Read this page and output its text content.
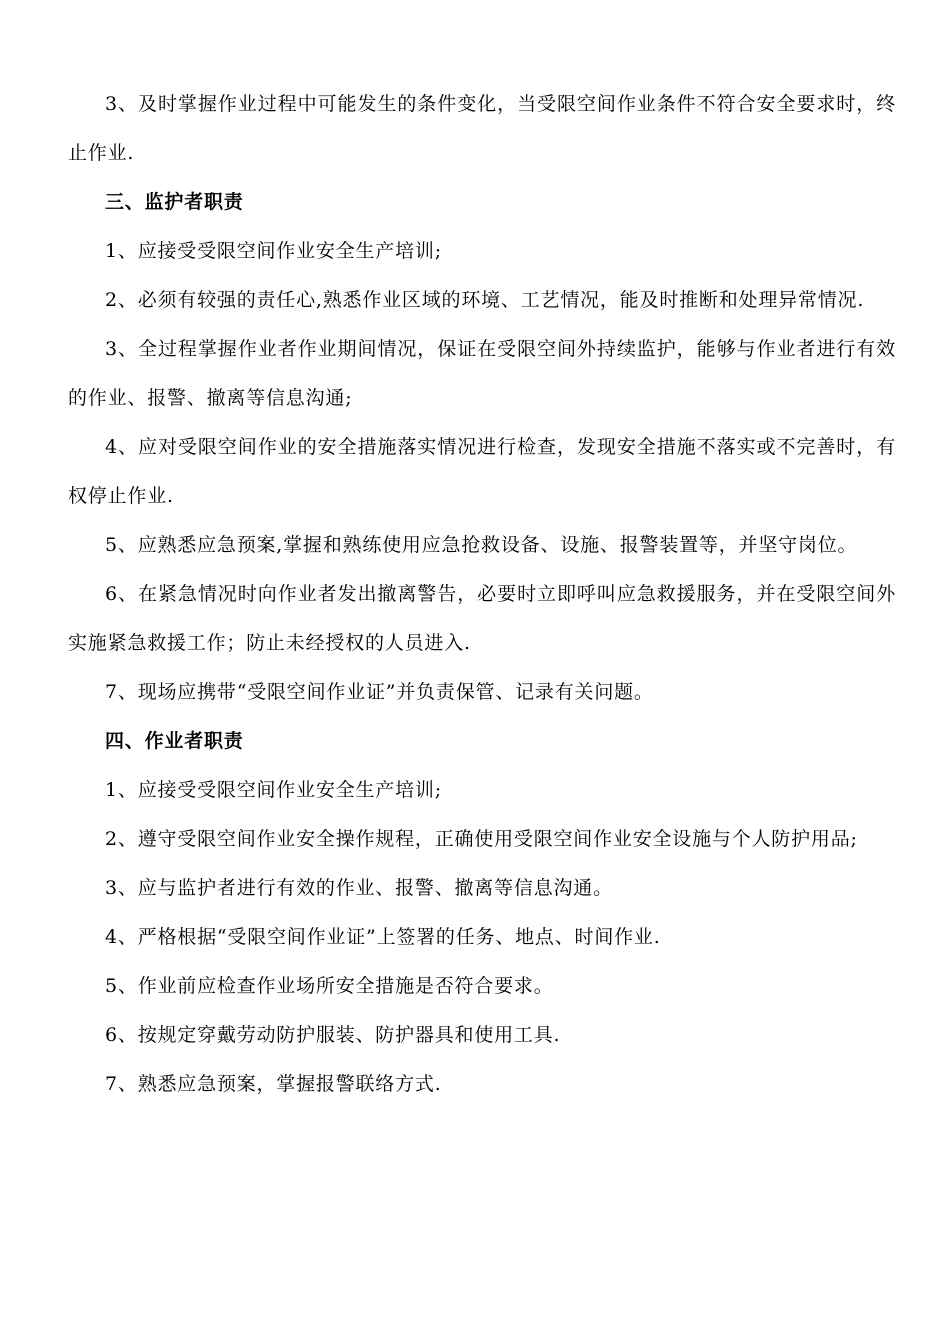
3、及时掌握作业过程中可能发生的条件变化，当受限空间作业条件不符合安全要求时，终止作业.

三、监护者职责

1、应接受受限空间作业安全生产培训;

2、必须有较强的责任心,熟悉作业区域的环境、工艺情况，能及时推断和处理异常情况.

3、全过程掌握作业者作业期间情况，保证在受限空间外持续监护，能够与作业者进行有效的作业、报警、撤离等信息沟通;

4、应对受限空间作业的安全措施落实情况进行检查，发现安全措施不落实或不完善时，有权停止作业.

5、应熟悉应急预案,掌握和熟练使用应急抢救设备、设施、报警装置等，并坚守岗位。

6、在紧急情况时向作业者发出撤离警告，必要时立即呼叫应急救援服务，并在受限空间外实施紧急救援工作；防止未经授权的人员进入.

7、现场应携带“受限空间作业证”并负责保管、记录有关问题。

四、作业者职责

1、应接受受限空间作业安全生产培训;

2、遵守受限空间作业安全操作规程，正确使用受限空间作业安全设施与个人防护用品;

3、应与监护者进行有效的作业、报警、撤离等信息沟通。

4、严格根据“受限空间作业证”上签署的任务、地点、时间作业.

5、作业前应检查作业场所安全措施是否符合要求。

6、按规定穿戴劳动防护服装、防护器具和使用工具.

7、熟悉应急预案，掌握报警联络方式.
